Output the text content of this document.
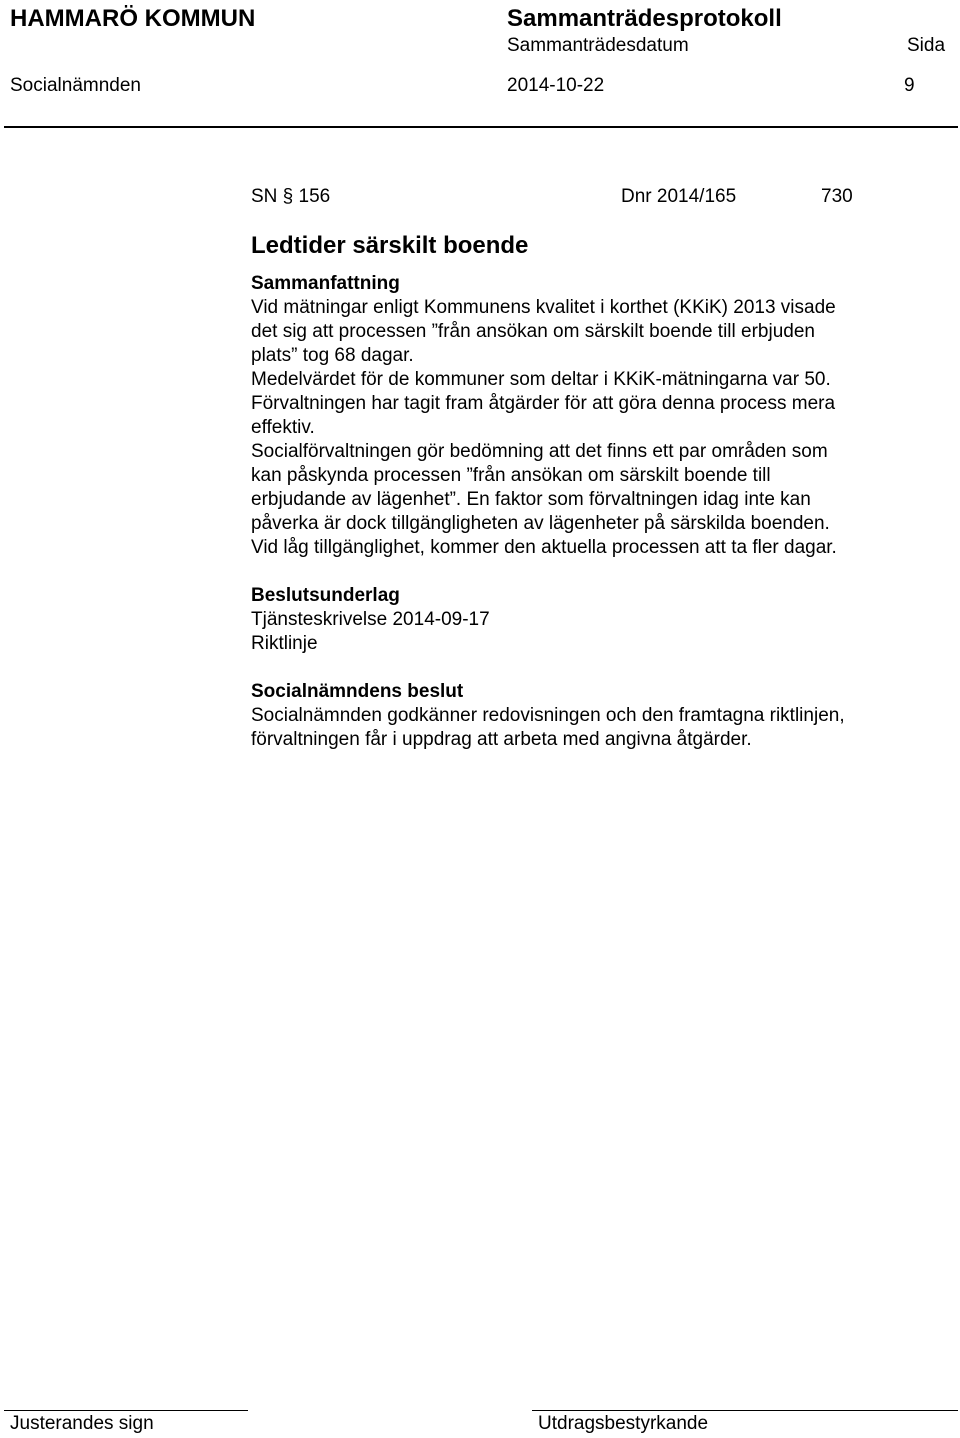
HAMMARÖ KOMMUN	Sammanträdesprotokoll
Sammanträdesdatum	Sida
Socialnämnden	2014-10-22	9
SN § 156	Dnr 2014/165	730
Ledtider särskilt boende
Sammanfattning

Vid mätningar enligt Kommunens kvalitet i korthet (KKiK) 2013 visade det sig att processen ”från ansökan om särskilt boende till erbjuden plats” tog 68 dagar.

Medelvärdet för de kommuner som deltar i KKiK-mätningarna var 50.

Förvaltningen har tagit fram åtgärder för att göra denna process mera effektiv.

Socialförvaltningen gör bedömning att det finns ett par områden som kan påskynda processen ”från ansökan om särskilt boende till erbjudande av lägenhet”. En faktor som förvaltningen idag inte kan påverka är dock tillgängligheten av lägenheter på särskilda boenden. Vid låg tillgänglighet, kommer den aktuella processen att ta fler dagar.

Beslutsunderlag
Tjänsteskrivelse 2014-09-17
Riktlinje
Socialnämndens beslut

Socialnämnden godkänner redovisningen och den framtagna riktlinjen, förvaltningen får i uppdrag att arbeta med angivna åtgärder.

Justerandes sign	Utdragsbestyrkande
